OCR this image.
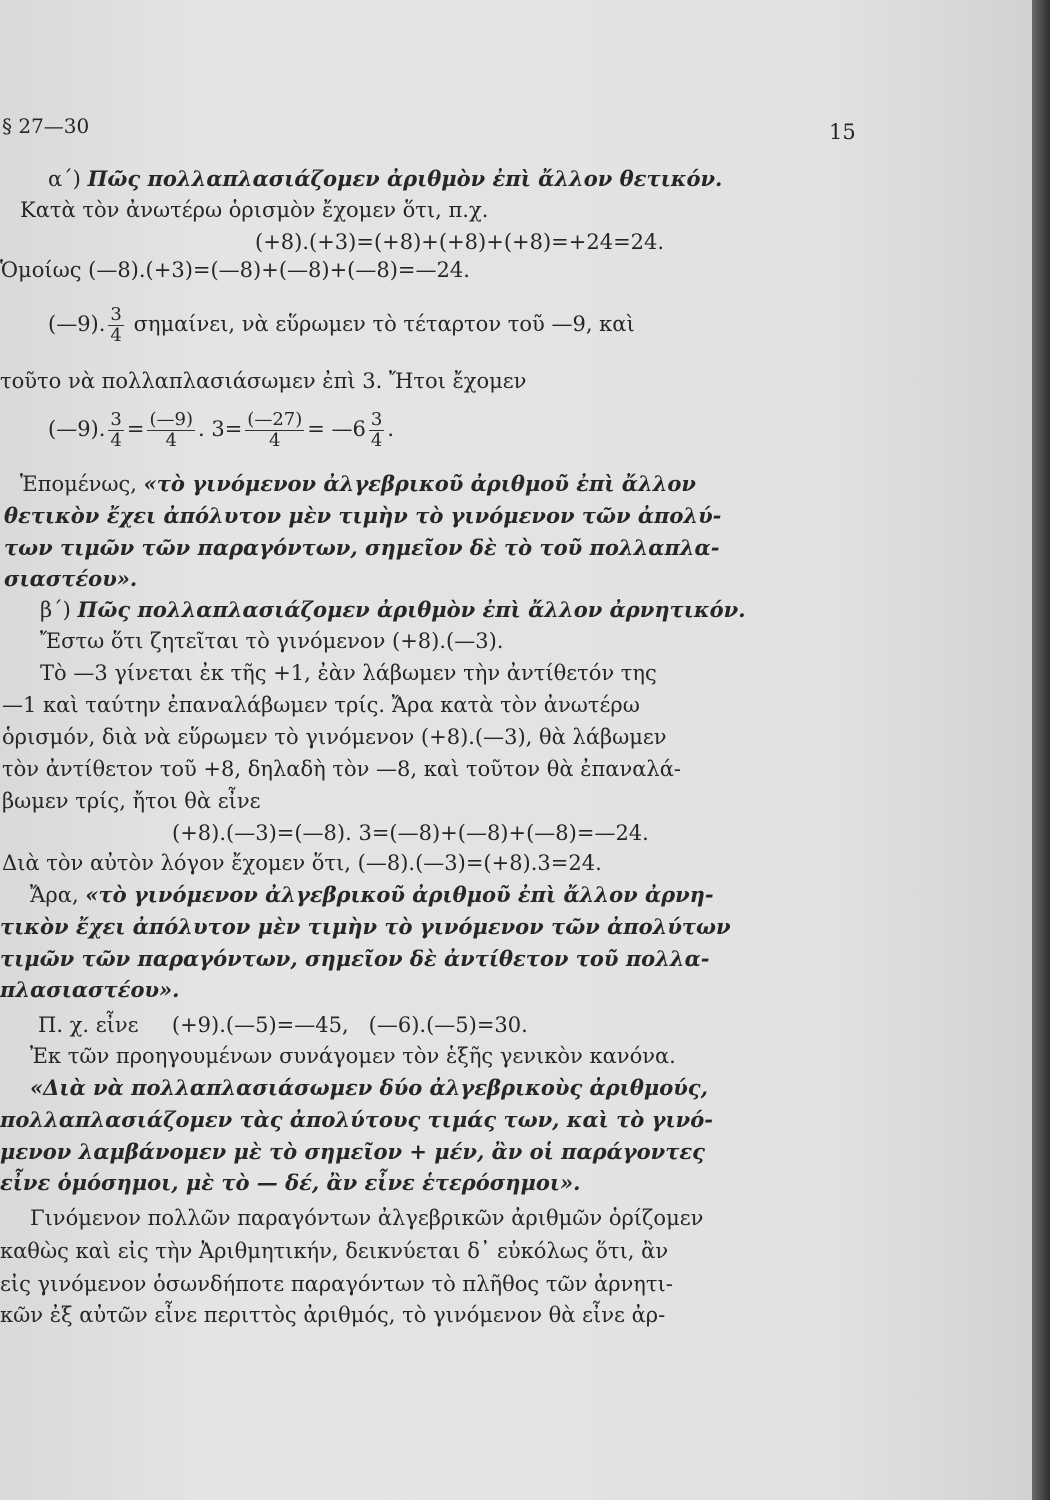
§ 27—30	15
α΄) Πῶς πολλαπλασιάζομεν ἀριθμὸν ἐπὶ ἄλλον θετικόν.
Κατὰ τὸν ἀνωτέρω ὁρισμὸν ἔχομεν ὅτι, π.χ.
(+8).(+3)=(+8)+(+8)+(+8)=+24=24.
Ὁμοίως (—8).(+3)=(—8)+(—8)+(—8)=—24.
(—9). $\frac{3}{4} \sigma\eta\mu\alpha ί\nu\varepsilon\iota$, νὰ εὕρωμεν τὸ τέταρτον τοῦ —9, καὶ
τοῦτο νὰ πολλαπλασιάσωμεν ἐπὶ 3. Ἤτοι ἔχομεν
(—9). $\frac{3}{4} = \frac{(—9)}{4}$ . $3= \frac{(—27)}{4}$ = —6 $\frac{3}{4}$ .
Ἑπομένως, «τὸ γινόμενον ἀλγεβρικοῦ ἀριθμοῦ ἐπὶ ἄλλον
θετικὸν ἔχει ἀπόλυτον μὲν τιμὴν τὸ γινόμενον τῶν ἀπολύ-
των τιμῶν τῶν παραγόντων, σημεῖον δὲ τὸ τοῦ πολλαπλα-
σιαστέου».
β΄) Πῶς πολλαπλασιάζομεν ἀριθμὸν ἐπὶ ἄλλον ἀρνητικόν.
Ἔστω ὅτι ζητεῖται τὸ γινόμενον (+8).(—3).
Τὸ —3 γίνεται ἐκ τῆς +1, ἐὰν λάβωμεν τὴν ἀντίθετόν της
—1 καὶ ταύτην ἐπαναλάβωμεν τρίς. Ἄρα κατὰ τὸν ἀνωτέρω
ὁρισμόν, διὰ νὰ εὕρωμεν τὸ γινόμενον (+8).(—3), θὰ λάβωμεν
τὸν ἀντίθετον τοῦ +8, δηλαδὴ τὸν —8, καὶ τοῦτον θὰ ἐπαναλά-
βωμεν τρίς, ἤτοι θὰ εἶνε
(+8).(—3)=(—8). 3=(—8)+(—8)+(—8)=—24.
Διὰ τὸν αὐτὸν λόγον ἔχομεν ὅτι, (—8).(—3)=(+8).3=24.
Ἄρα, «τὸ γινόμενον ἀλγεβρικοῦ ἀριθμοῦ ἐπὶ ἄλλον ἀρνη-
τικὸν ἔχει ἀπόλυτον μὲν τιμὴν τὸ γινόμενον τῶν ἀπολύτων
τιμῶν τῶν παραγόντων, σημεῖον δὲ ἀντίθετον τοῦ πολλα-
πλασιαστέου».
Π. χ. εἶνε     (+9).(—5)=—45,   (—6).(—5)=30.
Ἐκ τῶν προηγουμένων συνάγομεν τὸν ἑξῆς γενικὸν κανόνα.
«Διὰ νὰ πολλαπλασιάσωμεν δύο ἀλγεβρικοὺς ἀριθμούς,
πολλαπλασιάζομεν τὰς ἀπολύτους τιμάς των, καὶ τὸ γινό-
μενον λαμβάνομεν μὲ τὸ σημεῖον + μέν, ἂν οἱ παράγοντες
εἶνε ὁμόσημοι, μὲ τὸ — δέ, ἂν εἶνε ἑτερόσημοι».
Γινόμενον πολλῶν παραγόντων ἀλγεβρικῶν ἀριθμῶν ὁρίζομεν
καθὼς καὶ εἰς τὴν Ἀριθμητικήν, δεικνύεται δ᾿ εὐκόλως ὅτι, ἂν
εἰς γινόμενον ὁσωνδήποτε παραγόντων τὸ πλῆθος τῶν ἀρνητι-
κῶν ἐξ αὐτῶν εἶνε περιττὸς ἀριθμός, τὸ γινόμενον θὰ εἶνε ἀρ-
